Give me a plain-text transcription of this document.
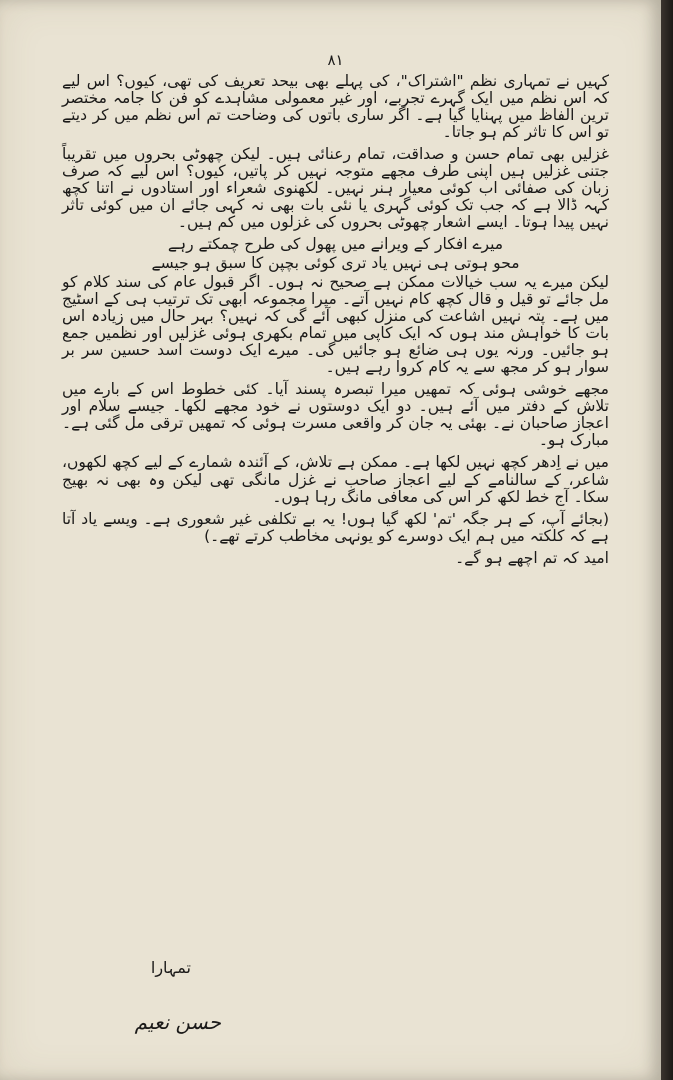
٨١

کہیں نے تمہاری نظم "اشتراک"، کی پہلے بھی بیحد تعریف کی تھی، کیوں؟ اس لیے کہ اس نظم میں ایک گہرے تجربے، اور غیر معمولی مشاہدے کو فن کا جامہ مختصر ترین الفاظ میں پہنایا گیا ہے۔ اگر ساری باتوں کی وضاحت تم اس نظم میں کر دیتے تو اس کا تاثر کم ہو جاتا۔

غزلیں بھی تمام حسن و صداقت، تمام رعنائی ہیں۔ لیکن چھوٹی بحروں میں تقریباً جتنی غزلیں ہیں اپنی طرف مجھے متوجہ نہیں کر پاتیں، کیوں؟ اس لیے کہ صرف زبان کی صفائی اب کوئی معیار ہنر نہیں۔ لکھنوی شعراء اور استادوں نے اتنا کچھ کہہ ڈالا ہے کہ جب تک کوئی گہری یا نئی بات بھی نہ کہی جائے ان میں کوئی تاثر نہیں پیدا ہوتا۔ ایسے اشعار چھوٹی بحروں کی غزلوں میں کم ہیں۔

میرے افکار کے ویرانے میں پھول کی طرح چمکتے رہے
محو ہوتی ہی نہیں یاد تری کوئی بچپن کا سبق ہو جیسے

لیکن میرے یہ سب خیالات ممکن ہے صحیح نہ ہوں۔ اگر قبول عام کی سند کلام کو مل جائے تو قیل و قال کچھ کام نہیں آتے۔ میرا مجموعہ ابھی تک ترتیب ہی کے اسٹیج میں ہے۔ پتہ نہیں اشاعت کی منزل کبھی آئے گی کہ نہیں؟ بہر حال میں زیادہ اس بات کا خواہش مند ہوں کہ ایک کاپی میں تمام بکھری ہوئی غزلیں اور نظمیں جمع ہو جائیں۔ ورنہ یوں ہی ضائع ہو جائیں گی۔ میرے ایک دوست اسد حسین سر بر سوار ہو کر مجھ سے یہ کام کروا رہے ہیں۔

مجھے خوشی ہوئی کہ تمھیں میرا تبصرہ پسند آیا۔ کئی خطوط اس کے بارے میں تلاش کے دفتر میں آئے ہیں۔ دو ایک دوستوں نے خود مجھے لکھا۔ جیسے سلام اور اعجاز صاحبان نے۔ بھئی یہ جان کر واقعی مسرت ہوئی کہ تمھیں ترقی مل گئی ہے۔ مبارک ہو۔

میں نے اِدھر کچھ نہیں لکھا ہے۔ ممکن ہے تلاش، کے آئندہ شمارے کے لیے کچھ لکھوں، شاعر، کے سالنامے کے لیے اعجاز صاحب نے غزل مانگی تھی لیکن وہ بھی نہ بھیج سکا۔ آج خط لکھ کر اس کی معافی مانگ رہا ہوں۔

(بجائے آپ، کے ہر جگہ 'تم' لکھ گیا ہوں! یہ بے تکلفی غیر شعوری ہے۔ ویسے یاد آتا ہے کہ کلکتہ میں ہم ایک دوسرے کو یونہی مخاطب کرتے تھے۔)

امید کہ تم اچھے ہو گے۔

تمہارا
حسن نعیم
